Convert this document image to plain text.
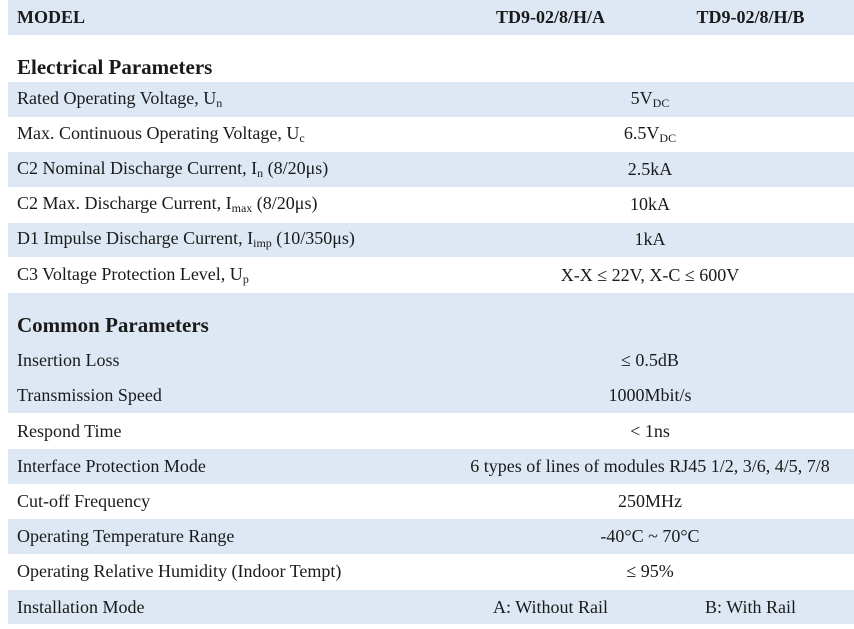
MODEL	TD9-02/8/H/A	TD9-02/8/H/B
Electrical Parameters
Rated Operating Voltage, $U_n$	$5V_{DC}$
Max. Continuous Operating Voltage, $U_c$	$6.5V_{DC}$
C2 Nominal Discharge Current, $I_n$ (8/20μs)	2.5kA
C2 Max. Discharge Current, $I_{max}$ (8/20μs)	10kA
D1 Impulse Discharge Current, $I_{imp}$ (10/350μs)	1kA
C3 Voltage Protection Level, $U_p$	X-X ≤ 22V, X-C ≤ 600V
Common Parameters
Insertion Loss	≤ 0.5dB
Transmission Speed	1000Mbit/s
Respond Time	< 1ns
Interface Protection Mode	6 types of lines of modules RJ45 1/2, 3/6, 4/5, 7/8
Cut-off Frequency	250MHz
Operating Temperature Range	-40°C ~ 70°C
Operating Relative Humidity (Indoor Tempt)	≤ 95%
Installation Mode	A: Without Rail	B: With Rail
